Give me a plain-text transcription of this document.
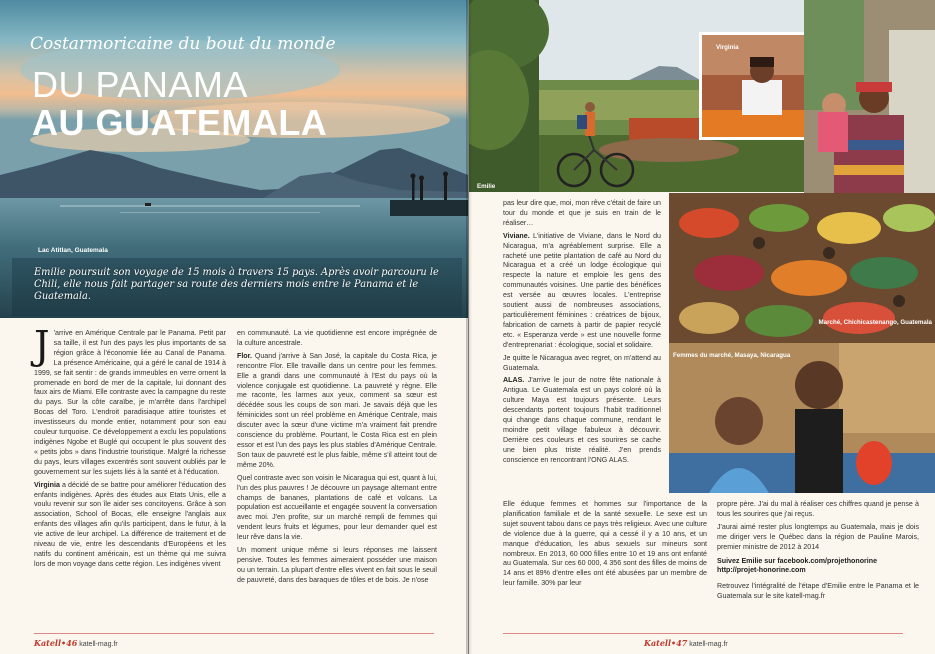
Costarmoricaine du bout du monde

DU PANAMA
AU GUATEMALA
Lac Atitlan, Guatemala

Emilie poursuit son voyage de 15 mois à travers 15 pays. Après avoir parcouru le Chili, elle nous fait partager sa route des derniers mois entre le Panama et le Guatemala.

J 'arrive en Amérique Centrale par le Panama. Petit par sa taille, il est l'un des pays les plus importants de sa région grâce à l'économie liée au Canal de Panama. La présence Américaine, qui a géré le canal de 1914 à 1999, se fait sentir : de grands immeubles en verre ornent la promenade en bord de mer de la capitale, lui donnant des faux airs de Miami. Elle contraste avec la campagne du reste du pays. Sur la côte caraïbe, je m'arrête dans l'archipel Bocas del Toro. L'endroit paradisiaque attire touristes et investisseurs du monde entier, notamment pour son eau couleur turquoise. Ce développement a exclu les populations indigènes Ngobe et Buglé qui occupent le plus souvent des « petits jobs » dans l'industrie touristique. Malgré la richesse du pays, leurs villages excentrés sont souvent oubliés par le gouvernement sur les sujets liés à la santé et à l'éducation.

Virginia a décidé de se battre pour améliorer l'éducation des enfants indigènes. Après des études aux Etats Unis, elle a voulu revenir sur son île aider ses concitoyens. Grâce à son association, School of Bocas, elle enseigne l'anglais aux enfants des villages afin qu'ils participent, dans le futur, à la vie active de leur archipel. La différence de traitement et de niveau de vie, entre les descendants d'Européens et les natifs du continent américain, est un thème qui me suivra lors de mon voyage dans cette région. Les indigènes vivent

en communauté. La vie quotidienne est encore imprégnée de la culture ancestrale.

Flor. Quand j'arrive à San José, la capitale du Costa Rica, je rencontre Flor. Elle travaille dans un centre pour les femmes. Elle a grandi dans une communauté à l'Est du pays où la violence conjugale est quotidienne. La pauvreté y règne. Elle me raconte, les larmes aux yeux, comment sa sœur est décédée sous les coups de son mari. Je savais déjà que les féminicides sont un réel problème en Amérique Centrale, mais discuter avec la sœur d'une victime m'a vraiment fait prendre conscience du problème. Pourtant, le Costa Rica est en plein essor et est l'un des pays les plus stables d'Amérique Centrale. Son taux de pauvreté est le plus faible, même s'il atteint tout de même 20%.

Quel contraste avec son voisin le Nicaragua qui est, quant à lui, l'un des plus pauvres ! Je découvre un paysage alternant entre champs de bananes, plantations de café et volcans. La population est accueillante et engagée souvent la conversation avec moi. J'en profite, sur un marché rempli de femmes qui vendent leurs fruits et légumes, pour leur demander quel est leur rêve dans la vie.

Un moment unique même si leurs réponses me laissent pensive. Toutes les femmes aimeraient posséder une maison ou un terrain. La plupart d'entre elles vivent en fait sous le seuil de pauvreté, dans des baraques de tôles et de bois. Je n'ose

Katell•46 katell-mag.fr
Emilie
Virginia
Marché, Chichicastenango, Guatemala
Femmes du marché, Masaya, Nicaragua

pas leur dire que, moi, mon rêve c'était de faire un tour du monde et que je suis en train de le réaliser…

Viviane. L'initiative de Viviane, dans le Nord du Nicaragua, m'a agréablement surprise. Elle a racheté une petite plantation de café au Nord du Nicaragua et a créé un lodge écologique qui respecte la nature et emploie les gens des communautés voisines. Une partie des bénéfices est versée au œuvres locales. L'entreprise soutient aussi de nombreuses associations, particulièrement féminines : créatrices de bijoux, fabrication de carnets à partir de papier recyclé etc. « Esperanza verde » est une nouvelle forme d'entreprenariat : écologique, social et solidaire.

Je quitte le Nicaragua avec regret, on m'attend au Guatemala.

ALAS. J'arrive le jour de notre fête nationale à Antigua. Le Guatemala est un pays coloré où la culture Maya est toujours présente. Leurs descendants portent toujours l'habit traditionnel qui change dans chaque commune, rendant le moindre petit village fabuleux à découvrir. Derrière ces couleurs et ces sourires se cache une bien plus triste réalité. J'en prends conscience en rencontrant l'ONG ALAS.

Elle éduque femmes et hommes sur l'importance de la planification familiale et de la santé sexuelle. Le sexe est un sujet souvent tabou dans ce pays très religieux. Avec une culture de violence due à la guerre, qui a cessé il y a 10 ans, et un manque d'éducation, les abus sexuels sur mineurs sont nombreux. En 2013, 60 000 filles entre 10 et 19 ans ont enfanté au Guatemala. Sur ces 60 000, 4 356 sont des filles de moins de 14 ans et 89% d'entre elles ont été abusées par un membre de leur famille. 30% par leur

propre père. J'ai du mal à réaliser ces chiffres quand je pense à tous les sourires que j'ai reçus.

J'aurai aimé rester plus longtemps au Guatemala, mais je dois me diriger vers le Québec dans la région de Pauline Marois, premier ministre de 2012 à 2014

Suivez Emilie sur facebook.com/projethonorine
http://projet-honorine.com

Retrouvez l'intégralité de l'étape d'Emilie entre le Panama et le Guatemala sur le site katell-mag.fr

Katell•47 katell-mag.fr
